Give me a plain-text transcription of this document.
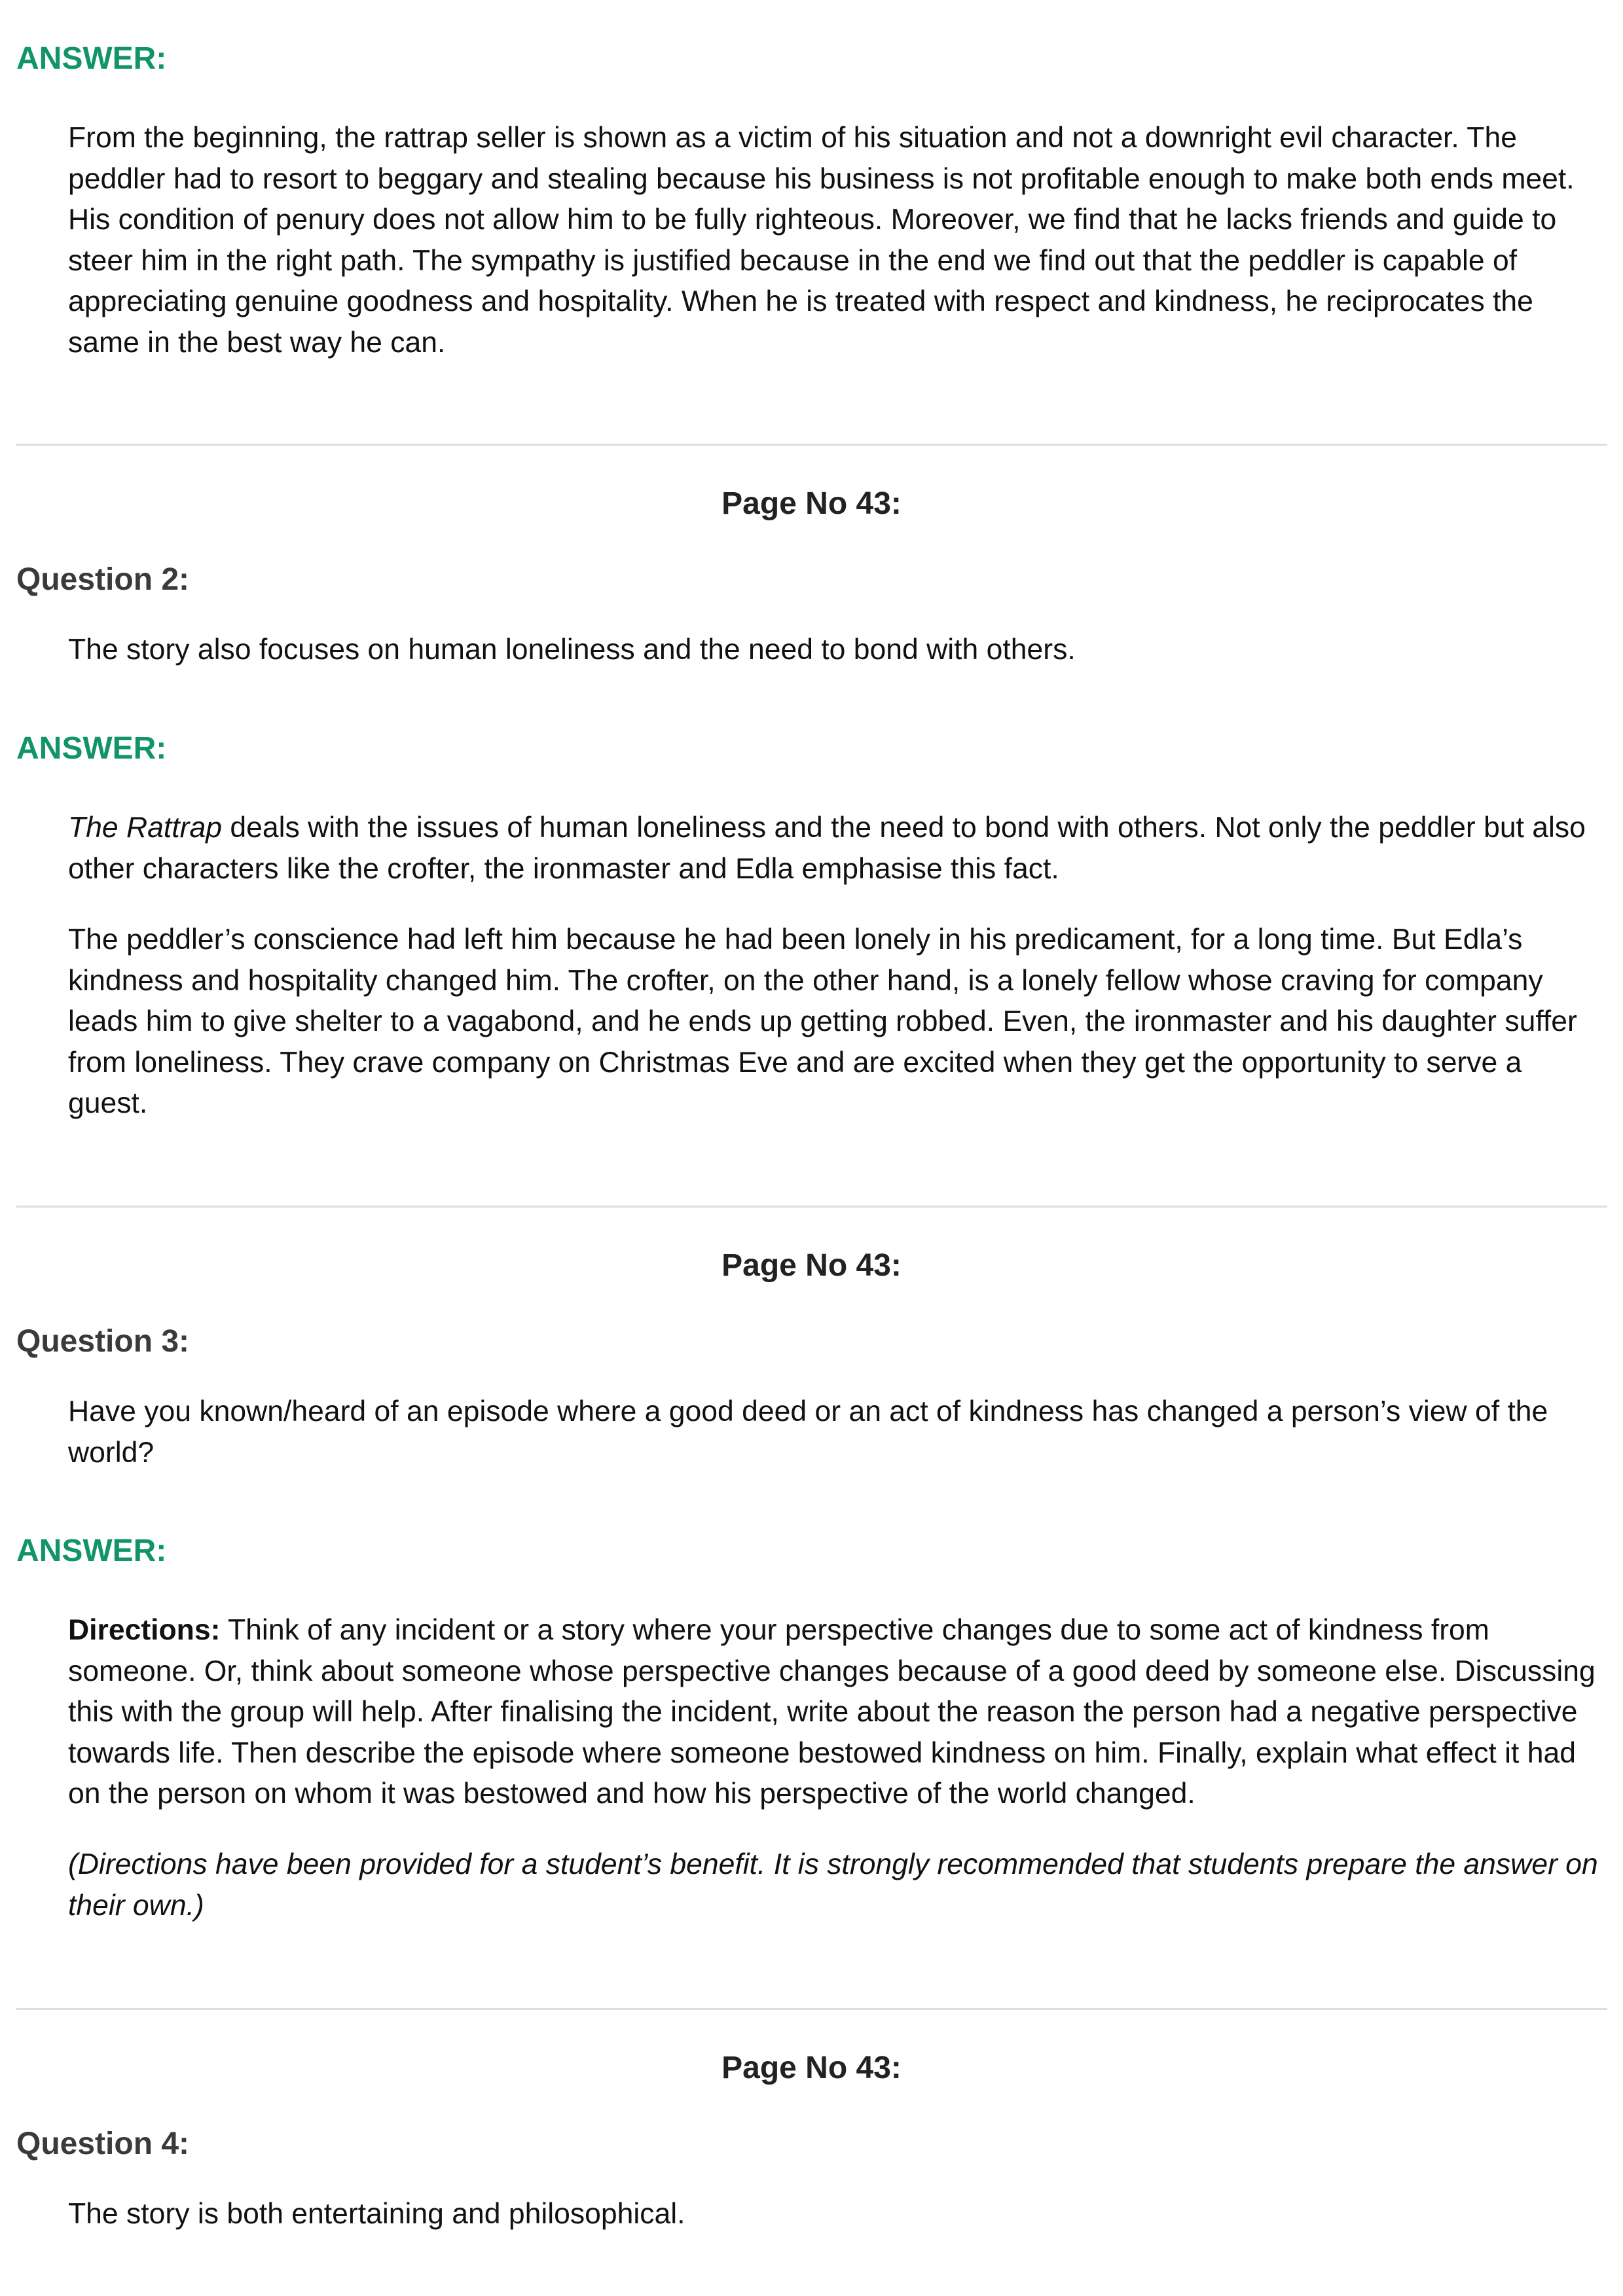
ANSWER:

From the beginning, the rattrap seller is shown as a victim of his situation and not a downright evil character. The peddler had to resort to beggary and stealing because his business is not profitable enough to make both ends meet. His condition of penury does not allow him to be fully righteous. Moreover, we find that he lacks friends and guide to steer him in the right path. The sympathy is justified because in the end we find out that the peddler is capable of appreciating genuine goodness and hospitality. When he is treated with respect and kindness, he reciprocates the same in the best way he can.

Page No 43:
Question 2:

The story also focuses on human loneliness and the need to bond with others.

ANSWER:

The Rattrap deals with the issues of human loneliness and the need to bond with others. Not only the peddler but also other characters like the crofter, the ironmaster and Edla emphasise this fact.

The peddler’s conscience had left him because he had been lonely in his predicament, for a long time. But Edla’s kindness and hospitality changed him. The crofter, on the other hand, is a lonely fellow whose craving for company leads him to give shelter to a vagabond, and he ends up getting robbed. Even, the ironmaster and his daughter suffer from loneliness. They crave company on Christmas Eve and are excited when they get the opportunity to serve a guest.

Page No 43:
Question 3:

Have you known/heard of an episode where a good deed or an act of kindness has changed a person’s view of the world?

ANSWER:

Directions: Think of any incident or a story where your perspective changes due to some act of kindness from someone. Or, think about someone whose perspective changes because of a good deed by someone else. Discussing this with the group will help. After finalising the incident, write about the reason the person had a negative perspective towards life. Then describe the episode where someone bestowed kindness on him. Finally, explain what effect it had on the person on whom it was bestowed and how his perspective of the world changed.

(Directions have been provided for a student’s benefit. It is strongly recommended that students prepare the answer on their own.)

Page No 43:
Question 4:

The story is both entertaining and philosophical.
